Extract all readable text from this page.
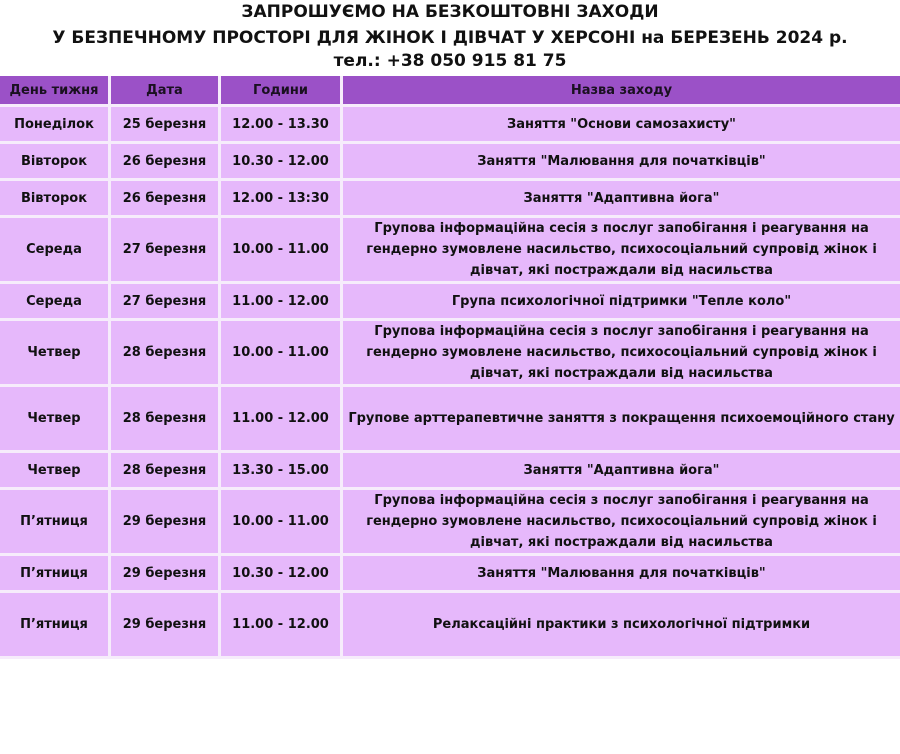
ЗАПРОШУЄМО НА БЕЗКОШТОВНІ ЗАХОДИ
У БЕЗПЕЧНОМУ ПРОСТОРІ ДЛЯ ЖІНОК І ДІВЧАТ У ХЕРСОНІ на БЕРЕЗЕНЬ 2024 р.
тел.: +38 050 915 81 75
День тижня	Дата	Години	Назва заходу
Понеділок	25 березня	12.00 - 13.30	Заняття "Основи самозахисту"
Вівторок	26 березня	10.30 - 12.00	Заняття "Малювання для початківців"
Вівторок	26 березня	12.00 - 13:30	Заняття "Адаптивна йога"
Середа	27 березня	10.00 - 11.00	Групова інформаційна сесія з послуг запобігання і реагування на гендерно зумовлене насильство, психосоціальний супровід жінок і дівчат, які постраждали від насильства
Середа	27 березня	11.00 - 12.00	Група психологічної підтримки "Тепле коло"
Четвер	28 березня	10.00 - 11.00	Групова інформаційна сесія з послуг запобігання і реагування на гендерно зумовлене насильство, психосоціальний супровід жінок і дівчат, які постраждали від насильства
Четвер	28 березня	11.00 - 12.00	Групове арттерапевтичне заняття з покращення психоемоційного стану
Четвер	28 березня	13.30 - 15.00	Заняття "Адаптивна йога"
П’ятниця	29 березня	10.00 - 11.00	Групова інформаційна сесія з послуг запобігання і реагування на гендерно зумовлене насильство, психосоціальний супровід жінок і дівчат, які постраждали від насильства
П’ятниця	29 березня	10.30 - 12.00	Заняття "Малювання для початківців"
П’ятниця	29 березня	11.00 - 12.00	Релаксаційні практики з психологічної підтримки
